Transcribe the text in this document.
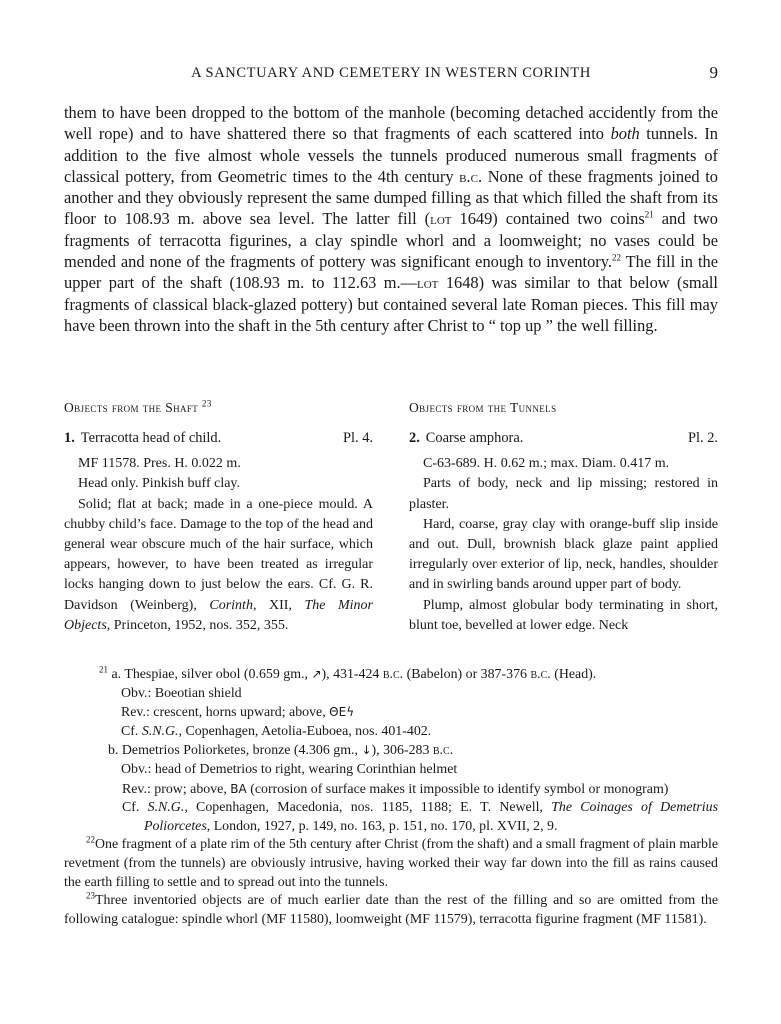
A SANCTUARY AND CEMETERY IN WESTERN CORINTH	9

them to have been dropped to the bottom of the manhole (becoming detached accidently from the well rope) and to have shattered there so that fragments of each scattered into both tunnels. In addition to the five almost whole vessels the tunnels produced numerous small fragments of classical pottery, from Geometric times to the 4th century b.c. None of these fragments joined to another and they obviously represent the same dumped filling as that which filled the shaft from its floor to 108.93 m. above sea level. The latter fill (lot 1649) contained two coins$^{21}$ and two fragments of terracotta figurines, a clay spindle whorl and a loomweight; no vases could be mended and none of the fragments of pottery was significant enough to inventory.$^{22}$ The fill in the upper part of the shaft (108.93 m. to 112.63 m.—lot 1648) was similar to that below (small fragments of classical black-glazed pottery) but contained several late Roman pieces. This fill may have been thrown into the shaft in the 5th century after Christ to “ top up ” the well filling.

Objects from the Shaft $^{23}$
1. Terracotta head of child.	Pl. 4.

MF 11578. Pres. H. 0.022 m.

Head only. Pinkish buff clay.

Solid; flat at back; made in a one-piece mould. A chubby child’s face. Damage to the top of the head and general wear obscure much of the hair surface, which appears, however, to have been treated as irregular locks hanging down to just below the ears. Cf. G. R. Davidson (Weinberg), Corinth, XII, The Minor Objects, Princeton, 1952, nos. 352, 355.

Objects from the Tunnels
2. Coarse amphora.	Pl. 2.

C-63-689. H. 0.62 m.; max. Diam. 0.417 m.

Parts of body, neck and lip missing; restored in plaster.

Hard, coarse, gray clay with orange-buff slip inside and out. Dull, brownish black glaze paint applied irregularly over exterior of lip, neck, handles, shoulder and in swirling bands around upper part of body.

Plump, almost globular body terminating in short, blunt toe, bevelled at lower edge. Neck

$^{21}$ a. Thespiae, silver obol (0.659 gm., ↗), 431-424 b.c. (Babelon) or 387-376 b.c. (Head).

Obv.: Boeotian shield

Rev.: crescent, horns upward; above, ΘΕϟ

Cf. S.N.G., Copenhagen, Aetolia-Euboea, nos. 401-402.

b. Demetrios Poliorketes, bronze (4.306 gm., ↓), 306-283 b.c.

Obv.: head of Demetrios to right, wearing Corinthian helmet

Rev.: prow; above, BA (corrosion of surface makes it impossible to identify symbol or monogram)

Cf. S.N.G., Copenhagen, Macedonia, nos. 1185, 1188; E. T. Newell, The Coinages of Demetrius Poliorcetes, London, 1927, p. 149, no. 163, p. 151, no. 170, pl. XVII, 2, 9.

$^{22}$One fragment of a plate rim of the 5th century after Christ (from the shaft) and a small fragment of plain marble revetment (from the tunnels) are obviously intrusive, having worked their way far down into the fill as rains caused the earth filling to settle and to spread out into the tunnels.

$^{23}$Three inventoried objects are of much earlier date than the rest of the filling and so are omitted from the following catalogue: spindle whorl (MF 11580), loomweight (MF 11579), terracotta figurine fragment (MF 11581).
